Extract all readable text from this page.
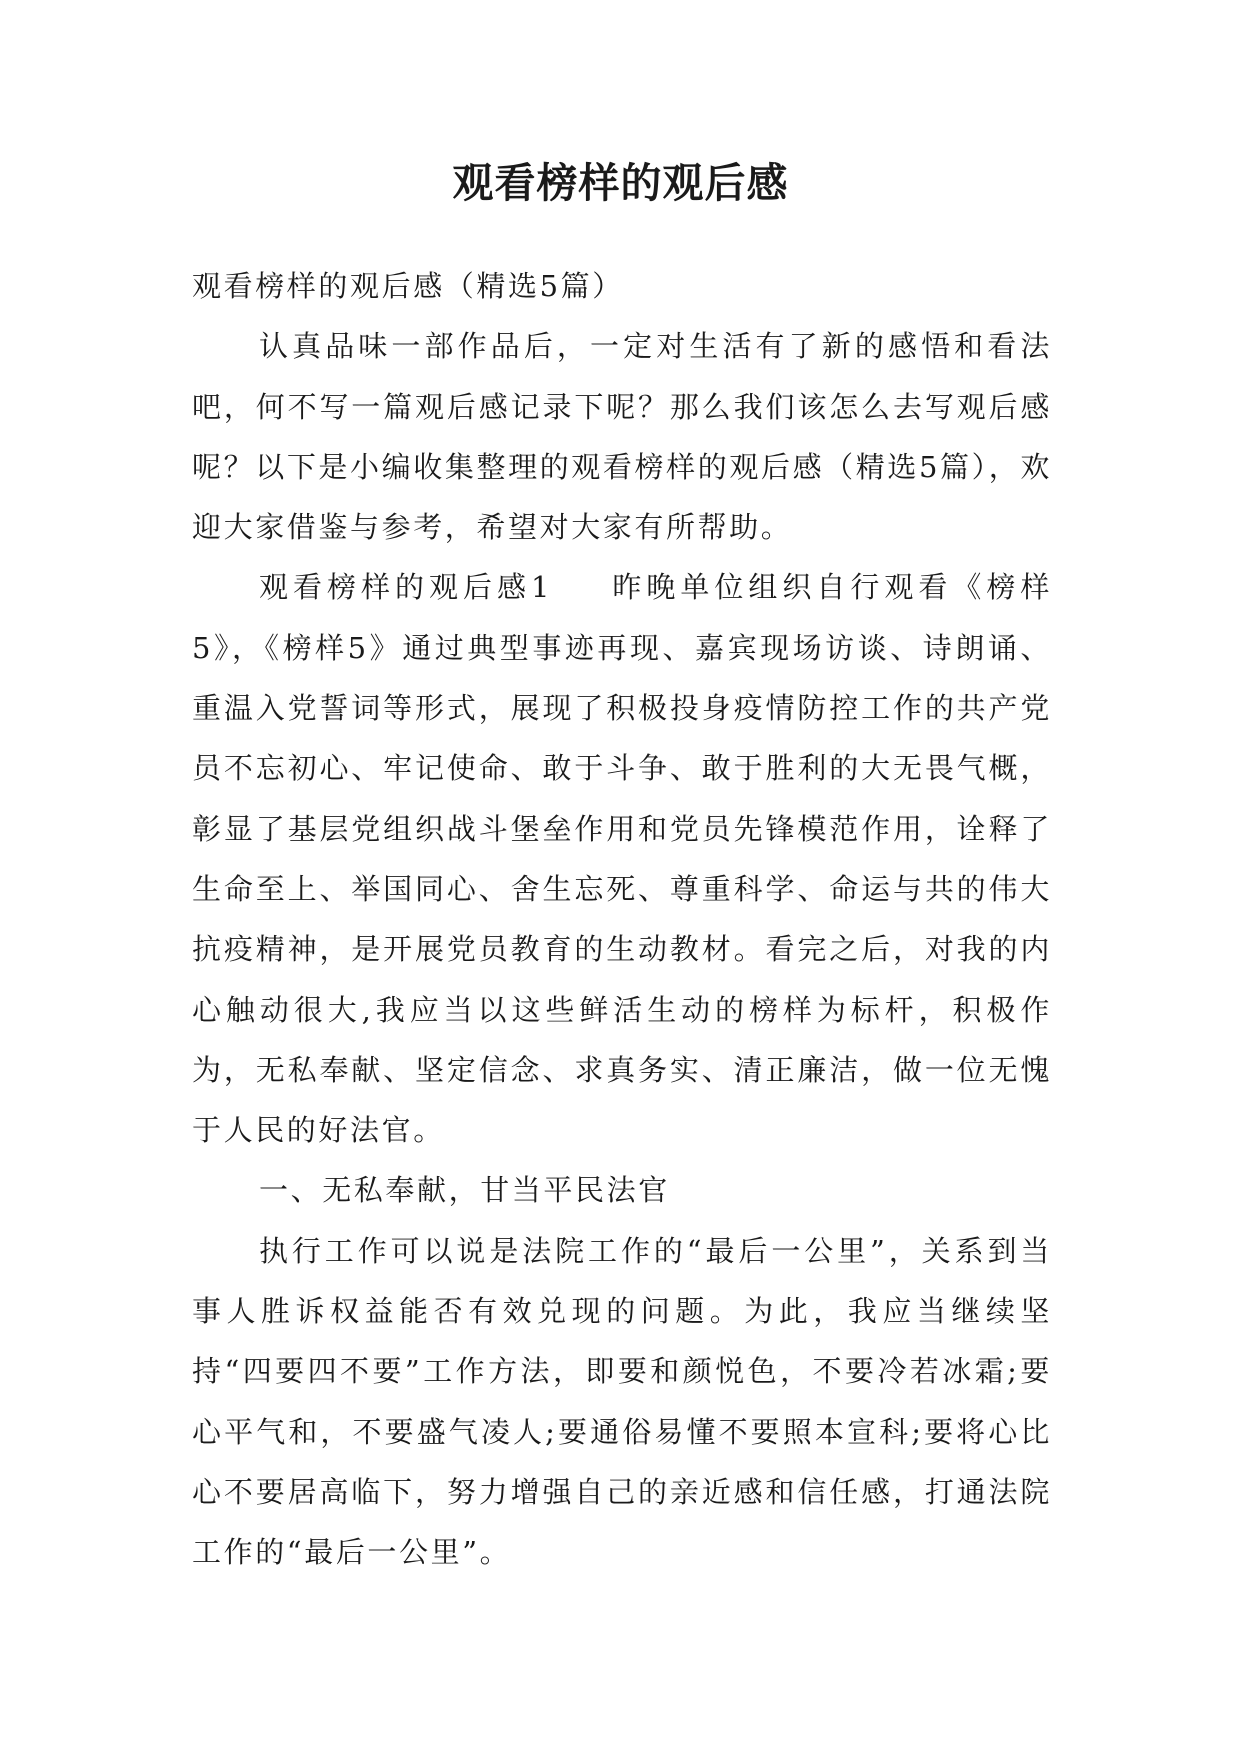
观看榜样的观后感

观看榜样的观后感（精选5篇）

认真品味一部作品后，一定对生活有了新的感悟和看法吧，何不写一篇观后感记录下呢？那么我们该怎么去写观后感呢？以下是小编收集整理的观看榜样的观后感（精选5篇），欢迎大家借鉴与参考，希望对大家有所帮助。

观看榜样的观后感1 昨晚单位组织自行观看《榜样5》，《榜样5》通过典型事迹再现、嘉宾现场访谈、诗朗诵、重温入党誓词等形式，展现了积极投身疫情防控工作的共产党员不忘初心、牢记使命、敢于斗争、敢于胜利的大无畏气概，彰显了基层党组织战斗堡垒作用和党员先锋模范作用，诠释了生命至上、举国同心、舍生忘死、尊重科学、命运与共的伟大抗疫精神，是开展党员教育的生动教材。看完之后，对我的内心触动很大,我应当以这些鲜活生动的榜样为标杆，积极作为，无私奉献、坚定信念、求真务实、清正廉洁，做一位无愧于人民的好法官。

一、无私奉献，甘当平民法官

执行工作可以说是法院工作的“最后一公里”，关系到当事人胜诉权益能否有效兑现的问题。为此，我应当继续坚持“四要四不要”工作方法，即要和颜悦色，不要冷若冰霜;要心平气和，不要盛气凌人;要通俗易懂不要照本宣科;要将心比心不要居高临下，努力增强自己的亲近感和信任感，打通法院工作的“最后一公里”。
